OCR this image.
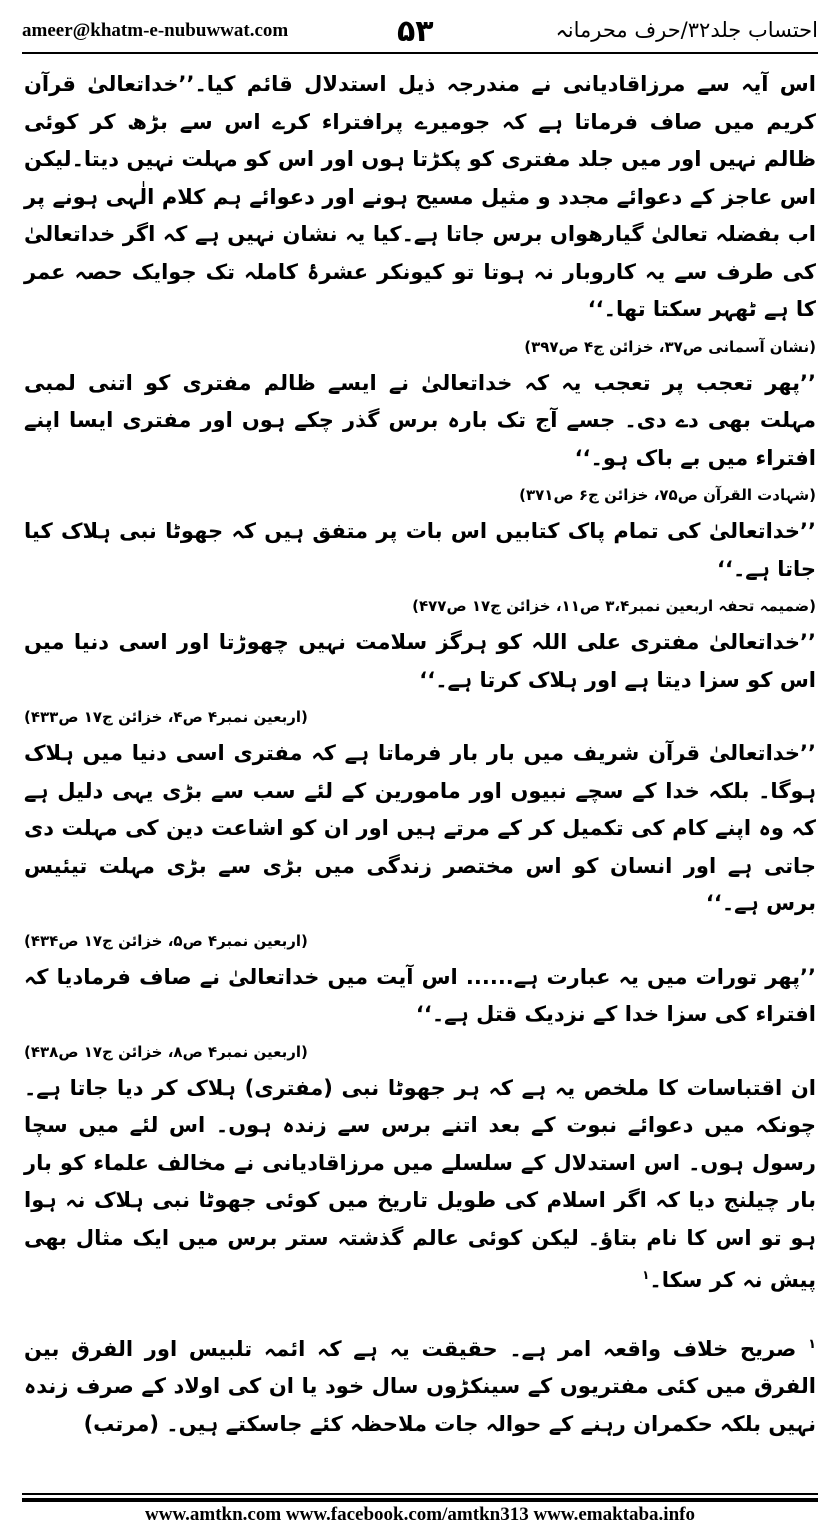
ameer@khatm-e-nubuwwat.com	۵۳	احتساب جلد۳۲/حرف محرمانہ

اس آیہ سے مرزاقادیانی نے مندرجہ ذیل استدلال قائم کیا۔’’خداتعالیٰ قرآن کریم میں صاف فرماتا ہے کہ جومیرے پرافتراء کرے اس سے بڑھ کر کوئی ظالم نہیں اور میں جلد مفتری کو پکڑتا ہوں اور اس کو مہلت نہیں دیتا۔لیکن اس عاجز کے دعوائے مجدد و مثیل مسیح ہونے اور دعوائے ہم کلام الٰہی ہونے پر اب بفضلہ تعالیٰ گیارھواں برس جاتا ہے۔کیا یہ نشان نہیں ہے کہ اگر خداتعالیٰ کی طرف سے یہ کاروبار نہ ہوتا تو کیونکر عشرۂ کاملہ تک جوایک حصہ عمر کا ہے ٹھہر سکتا تھا۔‘‘

(نشان آسمانی ص۳۷، خزائن ج۴ ص۳۹۷)

’’پھر تعجب پر تعجب یہ کہ خداتعالیٰ نے ایسے ظالم مفتری کو اتنی لمبی مہلت بھی دے دی۔ جسے آج تک بارہ برس گذر چکے ہوں اور مفتری ایسا اپنے افتراء میں بے باک ہو۔‘‘

(شہادت القرآن ص۷۵، خزائن ج۶ ص۳۷۱)

’’خداتعالیٰ کی تمام پاک کتابیں اس بات پر متفق ہیں کہ جھوٹا نبی ہلاک کیا جاتا ہے۔‘‘

(ضمیمہ تحفہ اربعین نمبر۳،۴ ص۱۱، خزائن ج۱۷ ص۴۷۷)

’’خداتعالیٰ مفتری علی اللہ کو ہرگز سلامت نہیں چھوڑتا اور اسی دنیا میں اس کو سزا دیتا ہے اور ہلاک کرتا ہے۔‘‘

(اربعین نمبر۴ ص۴، خزائن ج۱۷ ص۴۳۳)

’’خداتعالیٰ قرآن شریف میں بار بار فرماتا ہے کہ مفتری اسی دنیا میں ہلاک ہوگا۔ بلکہ خدا کے سچے نبیوں اور مامورین کے لئے سب سے بڑی یہی دلیل ہے کہ وہ اپنے کام کی تکمیل کر کے مرتے ہیں اور ان کو اشاعت دین کی مہلت دی جاتی ہے اور انسان کو اس مختصر زندگی میں بڑی سے بڑی مہلت تیئیس برس ہے۔‘‘

(اربعین نمبر۴ ص۵، خزائن ج۱۷ ص۴۳۴)

’’پھر تورات میں یہ عبارت ہے...... اس آیت میں خداتعالیٰ نے صاف فرمادیا کہ افتراء کی سزا خدا کے نزدیک قتل ہے۔‘‘

(اربعین نمبر۴ ص۸، خزائن ج۱۷ ص۴۳۸)

ان اقتباسات کا ملخص یہ ہے کہ ہر جھوٹا نبی (مفتری) ہلاک کر دیا جاتا ہے۔ چونکہ میں دعوائے نبوت کے بعد اتنے برس سے زندہ ہوں۔ اس لئے میں سچا رسول ہوں۔ اس استدلال کے سلسلے میں مرزاقادیانی نے مخالف علماء کو بار بار چیلنج دیا کہ اگر اسلام کی طویل تاریخ میں کوئی جھوٹا نبی ہلاک نہ ہوا ہو تو اس کا نام بتاؤ۔ لیکن کوئی عالم گذشتہ ستر برس میں ایک مثال بھی پیش نہ کر سکا۔$^۱$

$^۱$ صریح خلاف واقعہ امر ہے۔ حقیقت یہ ہے کہ ائمہ تلبیس اور الفرق بین الفرق میں کئی مفتریوں کے سینکڑوں سال خود یا ان کی اولاد کے صرف زندہ نہیں بلکہ حکمران رہنے کے حوالہ جات ملاحظہ کئے جاسکتے ہیں۔ (مرتب)

www.amtkn.com www.facebook.com/amtkn313 www.emaktaba.info
